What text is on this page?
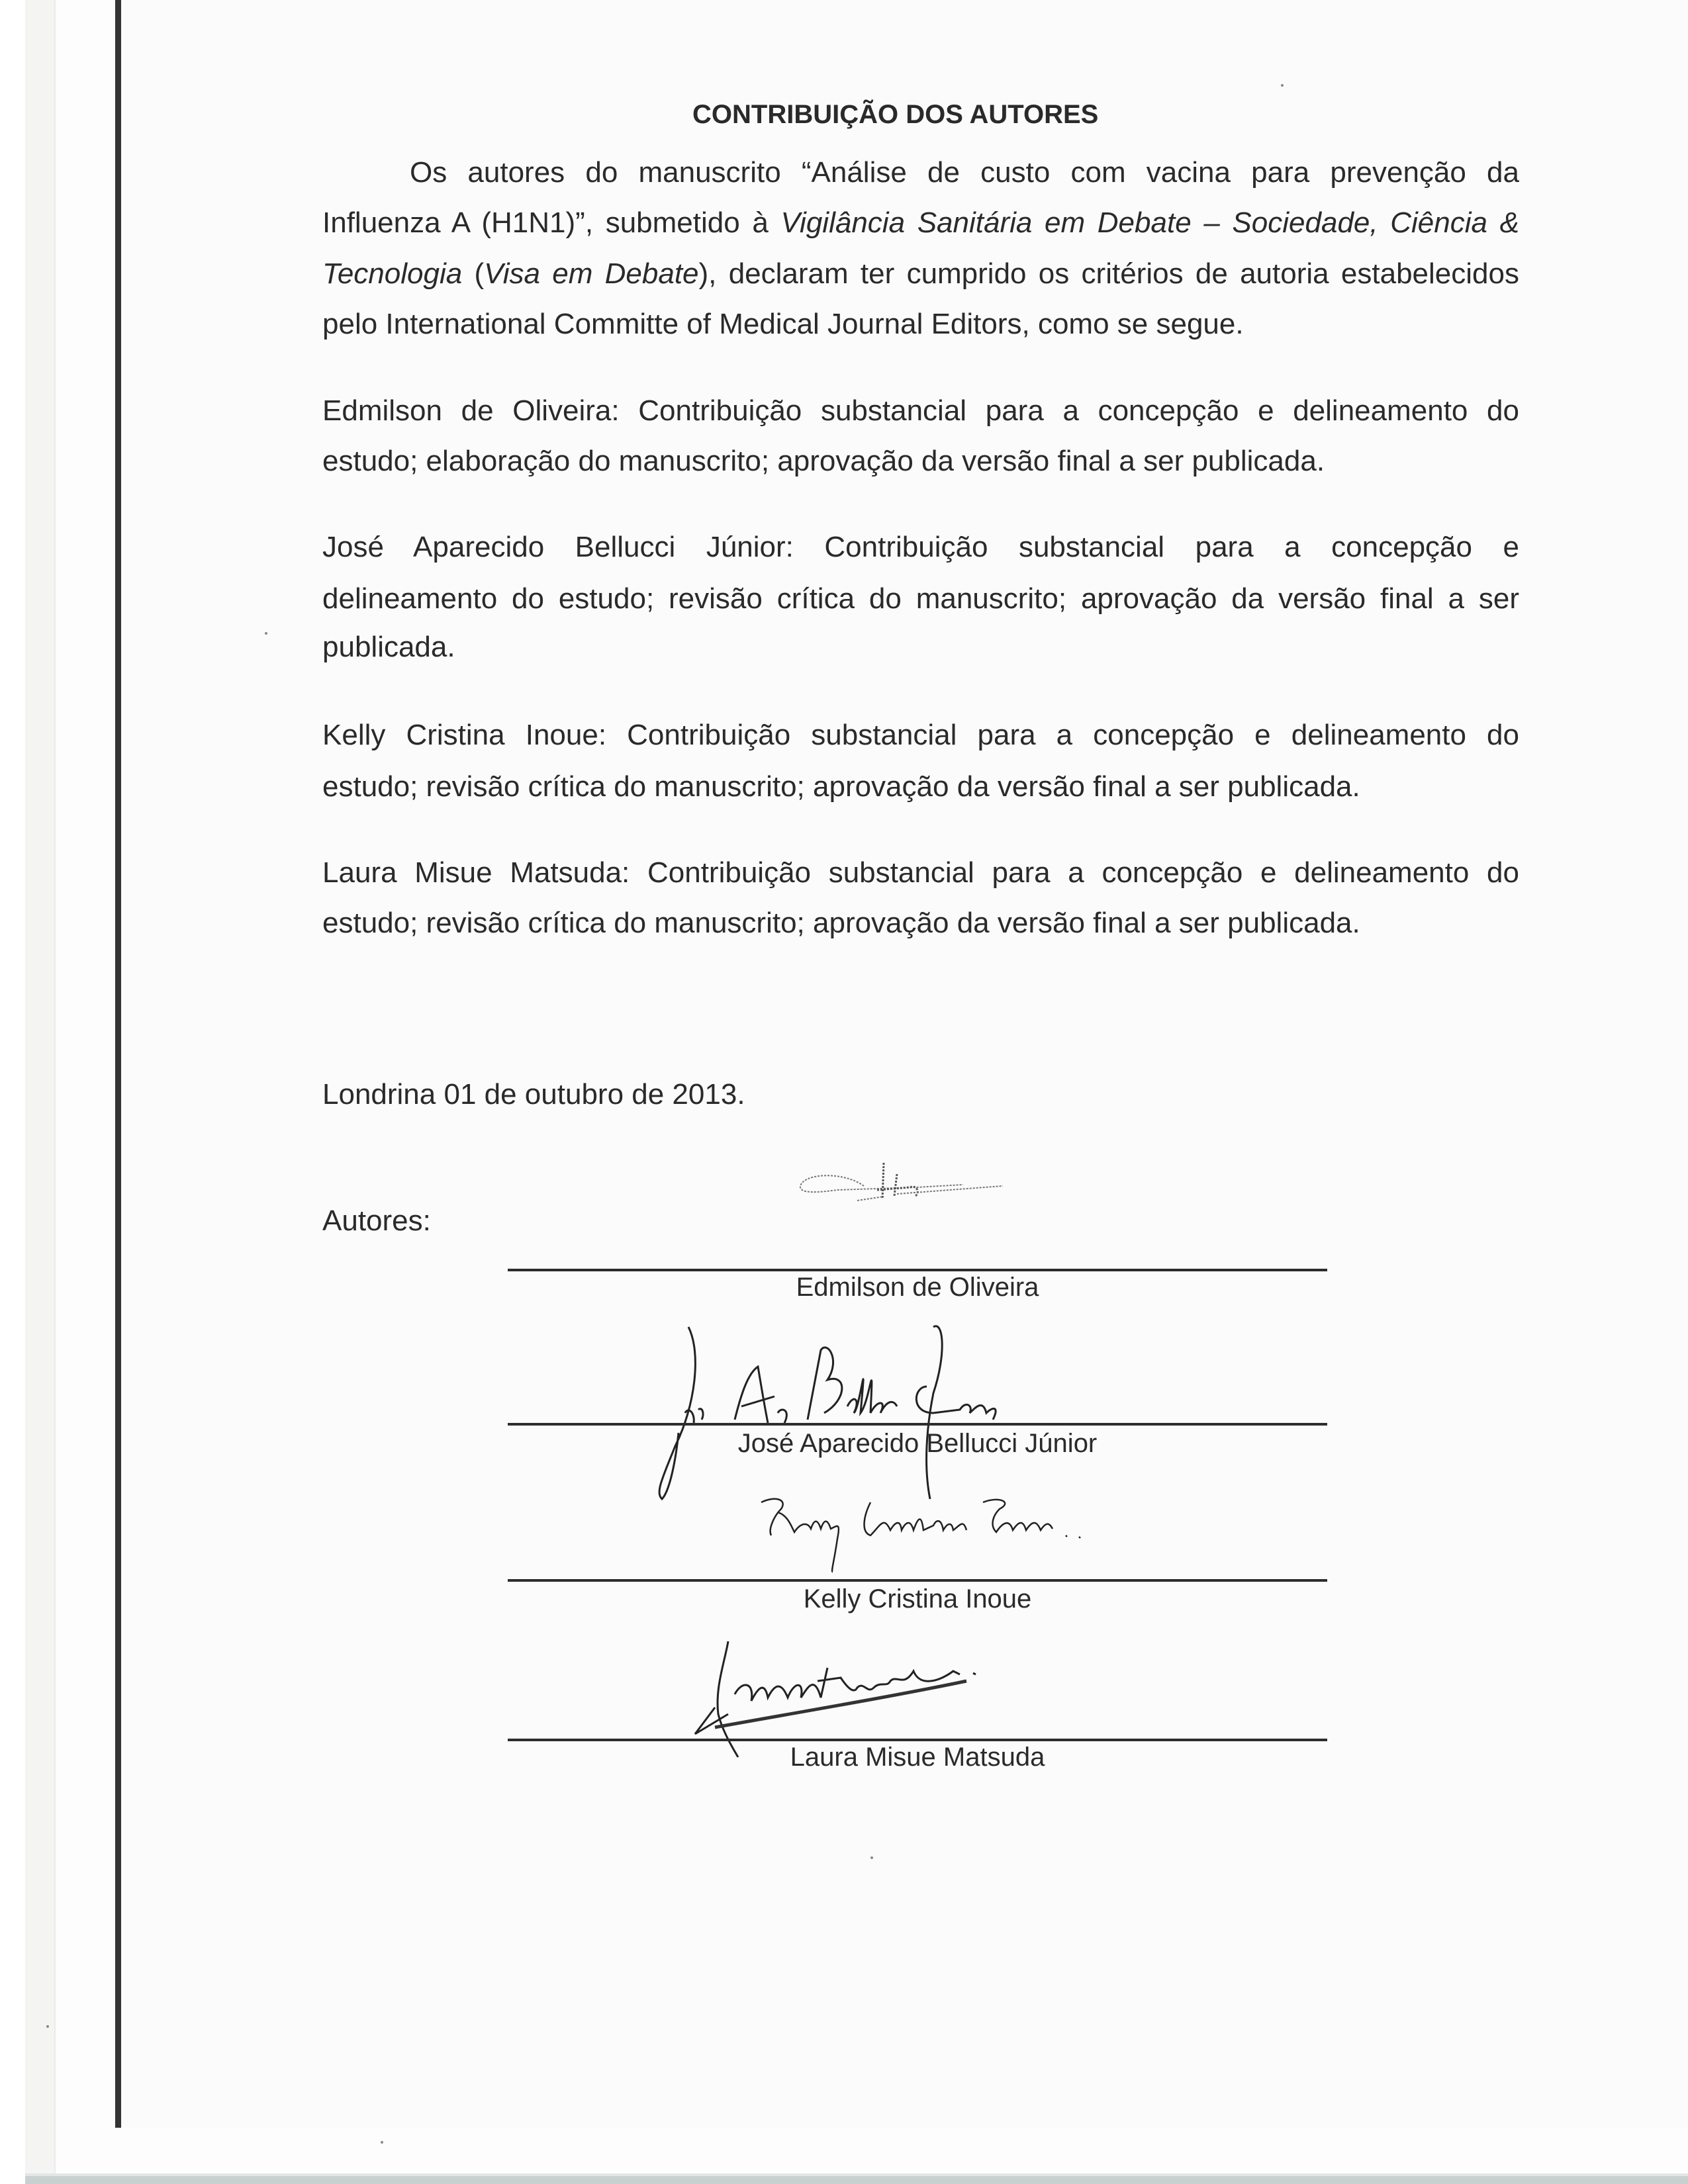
CONTRIBUIÇÃO DOS AUTORES
Os autores do manuscrito “Análise de custo com vacina para prevenção da
Influenza A (H1N1)”, submetido à Vigilância Sanitária em Debate – Sociedade, Ciência &
Tecnologia (Visa em Debate), declaram ter cumprido os critérios de autoria estabelecidos
pelo International Committe of Medical Journal Editors, como se segue.
Edmilson de Oliveira: Contribuição substancial para a concepção e delineamento do
estudo; elaboração do manuscrito; aprovação da versão final a ser publicada.
José Aparecido Bellucci Júnior: Contribuição substancial para a concepção e
delineamento do estudo; revisão crítica do manuscrito; aprovação da versão final a ser
publicada.
Kelly Cristina Inoue: Contribuição substancial para a concepção e delineamento do
estudo; revisão crítica do manuscrito; aprovação da versão final a ser publicada.
Laura Misue Matsuda: Contribuição substancial para a concepção e delineamento do
estudo; revisão crítica do manuscrito; aprovação da versão final a ser publicada.
Londrina 01 de outubro de 2013.
Autores:
Edmilson de Oliveira
José Aparecido Bellucci Júnior
Kelly Cristina Inoue
Laura Misue Matsuda
